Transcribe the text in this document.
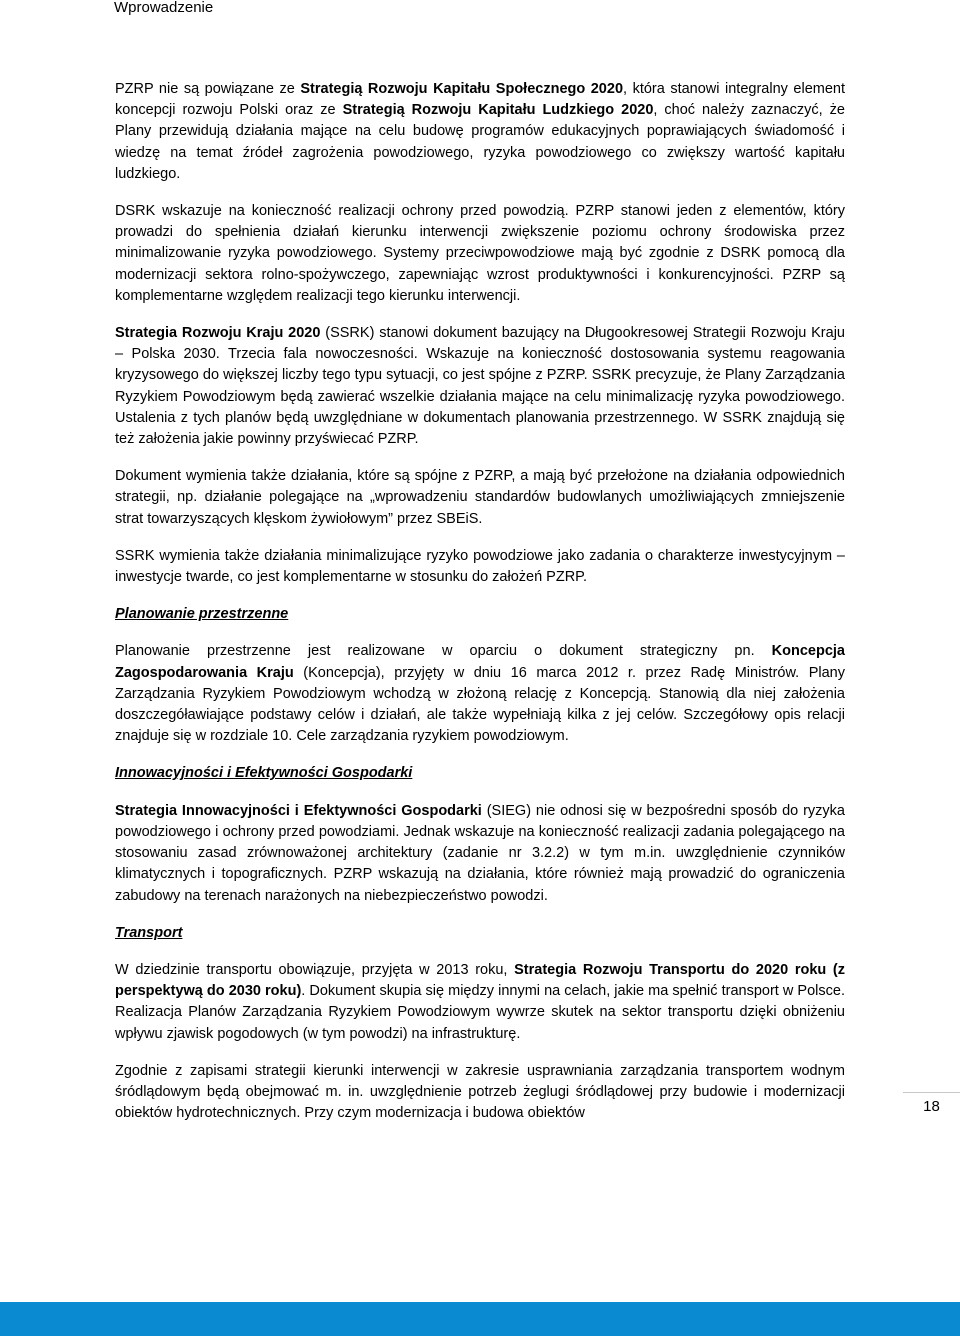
Wprowadzenie

PZRP nie są powiązane ze Strategią Rozwoju Kapitału Społecznego 2020, która stanowi integralny element koncepcji rozwoju Polski oraz ze Strategią Rozwoju Kapitału Ludzkiego 2020, choć należy zaznaczyć, że Plany przewidują działania mające na celu budowę programów edukacyjnych poprawiających świadomość i wiedzę na temat źródeł zagrożenia powodziowego, ryzyka powodziowego co zwiększy wartość kapitału ludzkiego.

DSRK wskazuje na konieczność realizacji ochrony przed powodzią. PZRP stanowi jeden z elementów, który prowadzi do spełnienia działań kierunku interwencji zwiększenie poziomu ochrony środowiska przez minimalizowanie ryzyka powodziowego. Systemy przeciwpowodziowe mają być zgodnie z DSRK pomocą dla modernizacji sektora rolno-spożywczego, zapewniając wzrost produktywności i konkurencyjności. PZRP są komplementarne względem realizacji tego kierunku interwencji.

Strategia Rozwoju Kraju 2020 (SSRK) stanowi dokument bazujący na Długookresowej Strategii Rozwoju Kraju – Polska 2030. Trzecia fala nowoczesności. Wskazuje na konieczność dostosowania systemu reagowania kryzysowego do większej liczby tego typu sytuacji, co jest spójne z PZRP. SSRK precyzuje, że Plany Zarządzania Ryzykiem Powodziowym będą zawierać wszelkie działania mające na celu minimalizację ryzyka powodziowego. Ustalenia z tych planów będą uwzględniane w dokumentach planowania przestrzennego. W SSRK znajdują się też założenia jakie powinny przyświecać PZRP.

Dokument wymienia także działania, które są spójne z PZRP, a mają być przełożone na działania odpowiednich strategii, np. działanie polegające na „wprowadzeniu standardów budowlanych umożliwiających zmniejszenie strat towarzyszących klęskom żywiołowym” przez SBEiS.

SSRK wymienia także działania minimalizujące ryzyko powodziowe jako zadania o charakterze inwestycyjnym – inwestycje twarde, co jest komplementarne w stosunku do założeń PZRP.

Planowanie przestrzenne

Planowanie przestrzenne jest realizowane w oparciu o dokument strategiczny pn. Koncepcja Zagospodarowania Kraju (Koncepcja), przyjęty w dniu 16 marca 2012 r. przez Radę Ministrów. Plany Zarządzania Ryzykiem Powodziowym wchodzą w złożoną relację z Koncepcją. Stanowią dla niej założenia doszczegóławiające podstawy celów i działań, ale także wypełniają kilka z jej celów. Szczegółowy opis relacji znajduje się w rozdziale 10. Cele zarządzania ryzykiem powodziowym.

Innowacyjności i Efektywności Gospodarki

Strategia Innowacyjności i Efektywności Gospodarki (SIEG) nie odnosi się w bezpośredni sposób do ryzyka powodziowego i ochrony przed powodziami. Jednak wskazuje na konieczność realizacji zadania polegającego na stosowaniu zasad zrównoważonej architektury (zadanie nr 3.2.2) w tym m.in. uwzględnienie czynników klimatycznych i topograficznych. PZRP wskazują na działania, które również mają prowadzić do ograniczenia zabudowy na terenach narażonych na niebezpieczeństwo powodzi.

Transport

W dziedzinie transportu obowiązuje, przyjęta w 2013 roku, Strategia Rozwoju Transportu do 2020 roku (z perspektywą do 2030 roku). Dokument skupia się między innymi na celach, jakie ma spełnić transport w Polsce. Realizacja Planów Zarządzania Ryzykiem Powodziowym wywrze skutek na sektor transportu dzięki obniżeniu wpływu zjawisk pogodowych (w tym powodzi) na infrastrukturę.

Zgodnie z zapisami strategii kierunki interwencji w zakresie usprawniania zarządzania transportem wodnym śródlądowym będą obejmować m. in. uwzględnienie potrzeb żeglugi śródlądowej przy budowie i modernizacji obiektów hydrotechnicznych. Przy czym modernizacja i budowa obiektów	18
